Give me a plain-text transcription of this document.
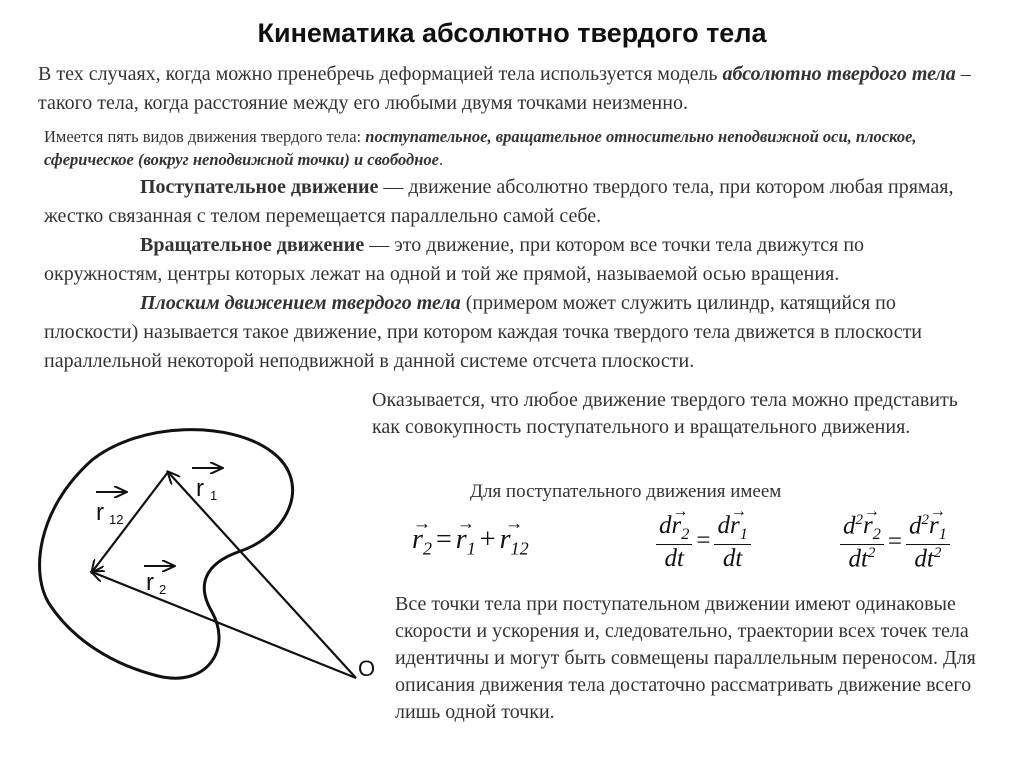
Кинематика абсолютно твердого тела
В тех случаях, когда можно пренебречь деформацией тела используется модель абсолютно твердого тела – такого тела, когда расстояние между его любыми двумя точками неизменно.
Имеется пять видов движения твердого тела: поступательное, вращательное относительно неподвижной оси, плоское, сферическое (вокруг неподвижной точки) и свободное.

Поступательное движение — движение абсолютно твердого тела, при котором любая прямая, жестко связанная с телом перемещается параллельно самой себе.

Вращательное движение — это движение, при котором все точки тела движутся по окружностям, центры которых лежат на одной и той же прямой, называемой осью вращения.

Плоским движением твердого тела (примером может служить цилиндр, катящийся по плоскости) называется такое движение, при котором каждая точка твердого тела движется в плоскости параллельной некоторой неподвижной в данной системе отсчета плоскости.

Оказывается, что любое движение твердого тела можно представить как совокупность поступательного и вращательного движения.
Для поступательного движения имеем
→ $r_2$ = → $r_1$ + → $r_{12}$	$\frac{d\to r_2}{dt} = \frac{d\to r_1}{dt}$	$\frac{d^2\to r_2}{dt^2} = \frac{d^2\to r_1}{dt^2}$
Все точки тела при поступательном движении имеют одинаковые скорости и ускорения и, следовательно, траектории всех точек тела идентичны и могут быть совмещены параллельным переносом. Для описания движения тела достаточно рассматривать движение всего лишь одной точки.
r 1
r 12
r 2
O
